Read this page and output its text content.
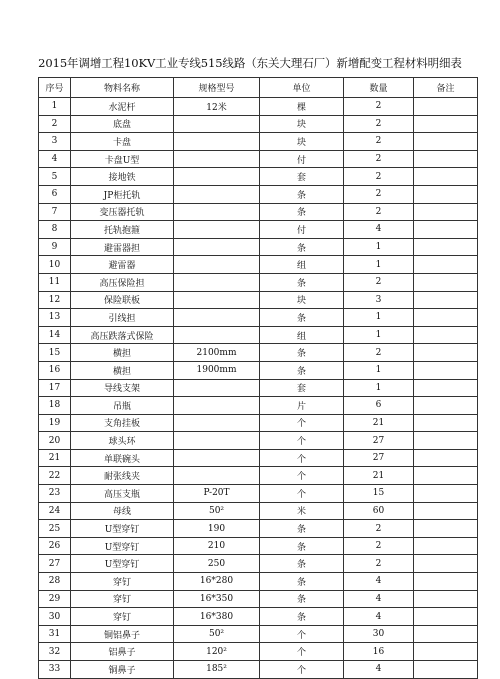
2015年调增工程10KV工业专线515线路（东关大理石厂）新增配变工程材料明细表
序号	物料名称	规格型号	单位	数量	备注
1	水泥杆	12米	棵	2	
2	底盘		块	2	
3	卡盘		块	2	
4	卡盘U型		付	2	
5	接地铁		套	2	
6	JP柜托轨		条	2	
7	变压器托轨		条	2	
8	托轨抱箍		付	4	
9	避雷器担		条	1	
10	避雷器		组	1	
11	高压保险担		条	2	
12	保险联板		块	3	
13	引线担		条	1	
14	高压跌落式保险		组	1	
15	横担	2100mm	条	2	
16	横担	1900mm	条	1	
17	导线支架		套	1	
18	吊瓶		片	6	
19	支角挂板		个	21	
20	球头环		个	27	
21	单联碗头		个	27	
22	耐张线夹		个	21	
23	高压支瓶	P-20T	个	15	
24	母线	50²	米	60	
25	U型穿钉	190	条	2	
26	U型穿钉	210	条	2	
27	U型穿钉	250	条	2	
28	穿钉	16*280	条	4	
29	穿钉	16*350	条	4	
30	穿钉	16*380	条	4	
31	铜铝鼻子	50²	个	30	
32	铝鼻子	120²	个	16	
33	铜鼻子	185²	个	4	
